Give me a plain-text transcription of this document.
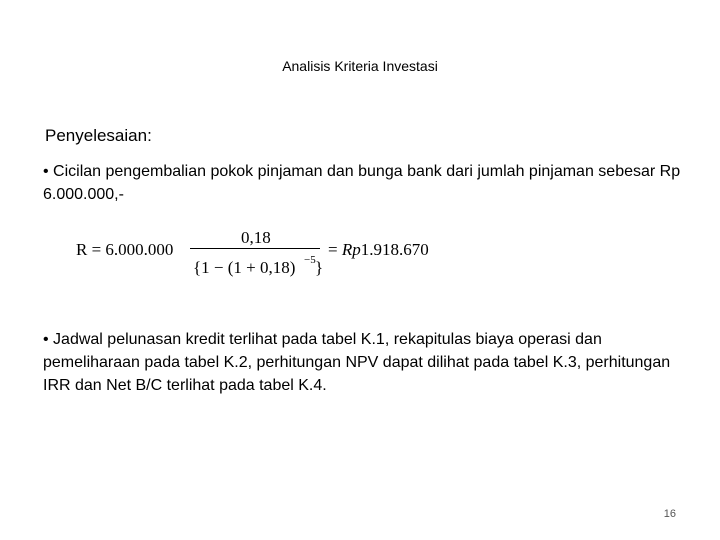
Analisis Kriteria Investasi
Penyelesaian:
• Cicilan pengembalian pokok pinjaman dan bunga bank dari jumlah pinjaman sebesar Rp 6.000.000,-
R = 6.000.000
0,18
{1 − (1 + 0,18) −5 }
= Rp1.918.670
• Jadwal pelunasan kredit terlihat pada tabel K.1, rekapitulas biaya operasi dan pemeliharaan pada tabel K.2, perhitungan NPV dapat dilihat pada tabel K.3, perhitungan IRR dan Net B/C terlihat pada tabel K.4.
16
